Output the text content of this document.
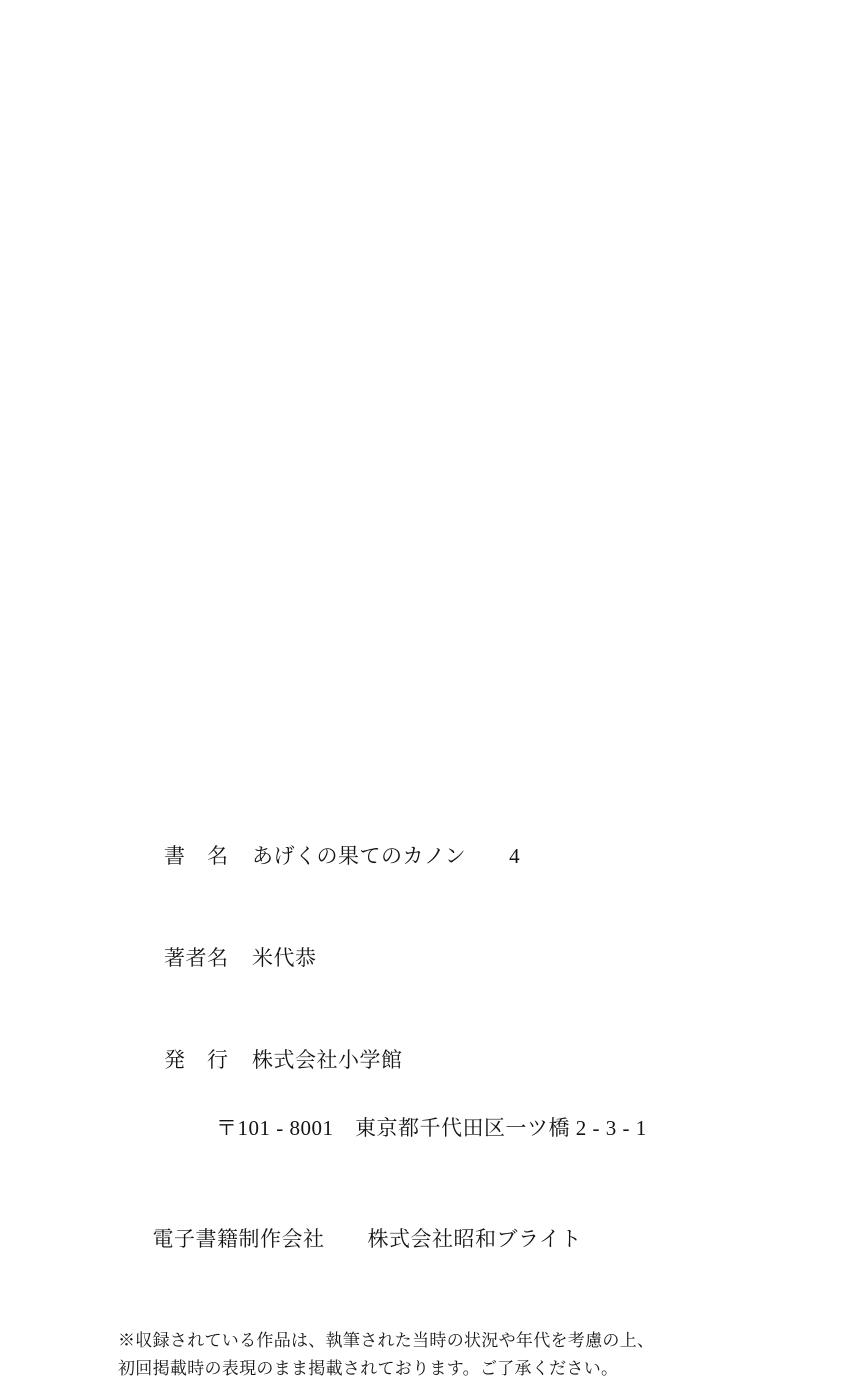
書　名 あげくの果てのカノン　　4

著者名 米代恭

発　行 株式会社小学館

〒101 - 8001　東京都千代田区一ツ橋 2 - 3 - 1

電子書籍制作会社　　 株式会社昭和ブライト

※収録されている作品は、執筆された当時の状況や年代を考慮の上、
初回掲載時の表現のまま掲載されております。ご了承ください。
